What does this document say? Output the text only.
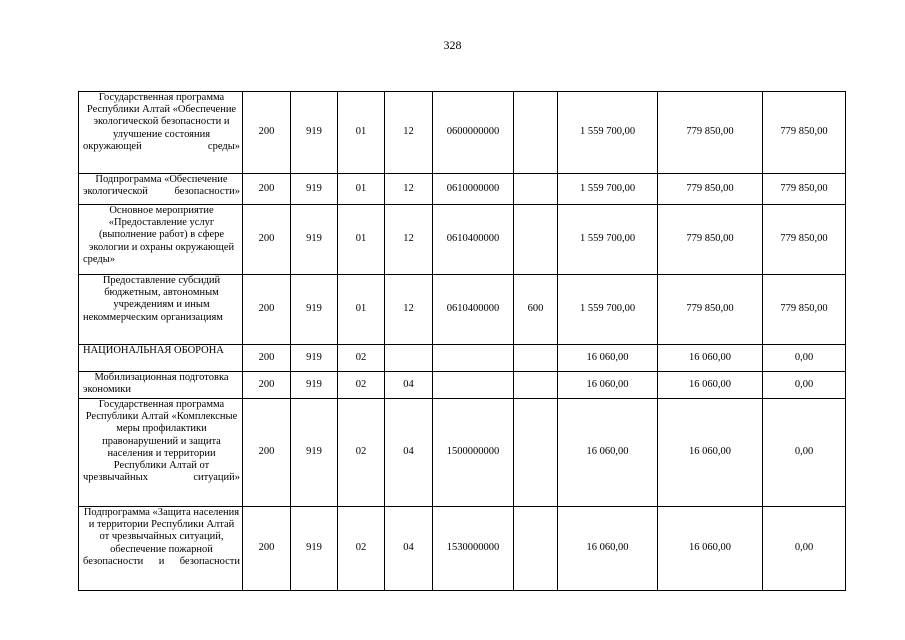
328
Государственная программа Республики Алтай «Обеспечение экологической безопасности и улучшение состояния окружающей среды»	200	919	01	12	0600000000		1 559 700,00	779 850,00	779 850,00
Подпрограмма «Обеспечение экологической безопасности»	200	919	01	12	0610000000		1 559 700,00	779 850,00	779 850,00
Основное мероприятие «Предоставление услуг (выполнение работ) в сфере экологии и охраны окружающей среды»	200	919	01	12	0610400000		1 559 700,00	779 850,00	779 850,00
Предоставление субсидий бюджетным, автономным учреждениям и иным некоммерческим организациям	200	919	01	12	0610400000	600	1 559 700,00	779 850,00	779 850,00
НАЦИОНАЛЬНАЯ ОБОРОНА	200	919	02				16 060,00	16 060,00	0,00
Мобилизационная подготовка экономики	200	919	02	04			16 060,00	16 060,00	0,00
Государственная программа Республики Алтай «Комплексные меры профилактики правонарушений и защита населения и территории Республики Алтай от чрезвычайных ситуаций»	200	919	02	04	1500000000		16 060,00	16 060,00	0,00
Подпрограмма «Защита населения и территории Республики Алтай от чрезвычайных ситуаций, обеспечение пожарной безопасности и безопасности	200	919	02	04	1530000000		16 060,00	16 060,00	0,00
